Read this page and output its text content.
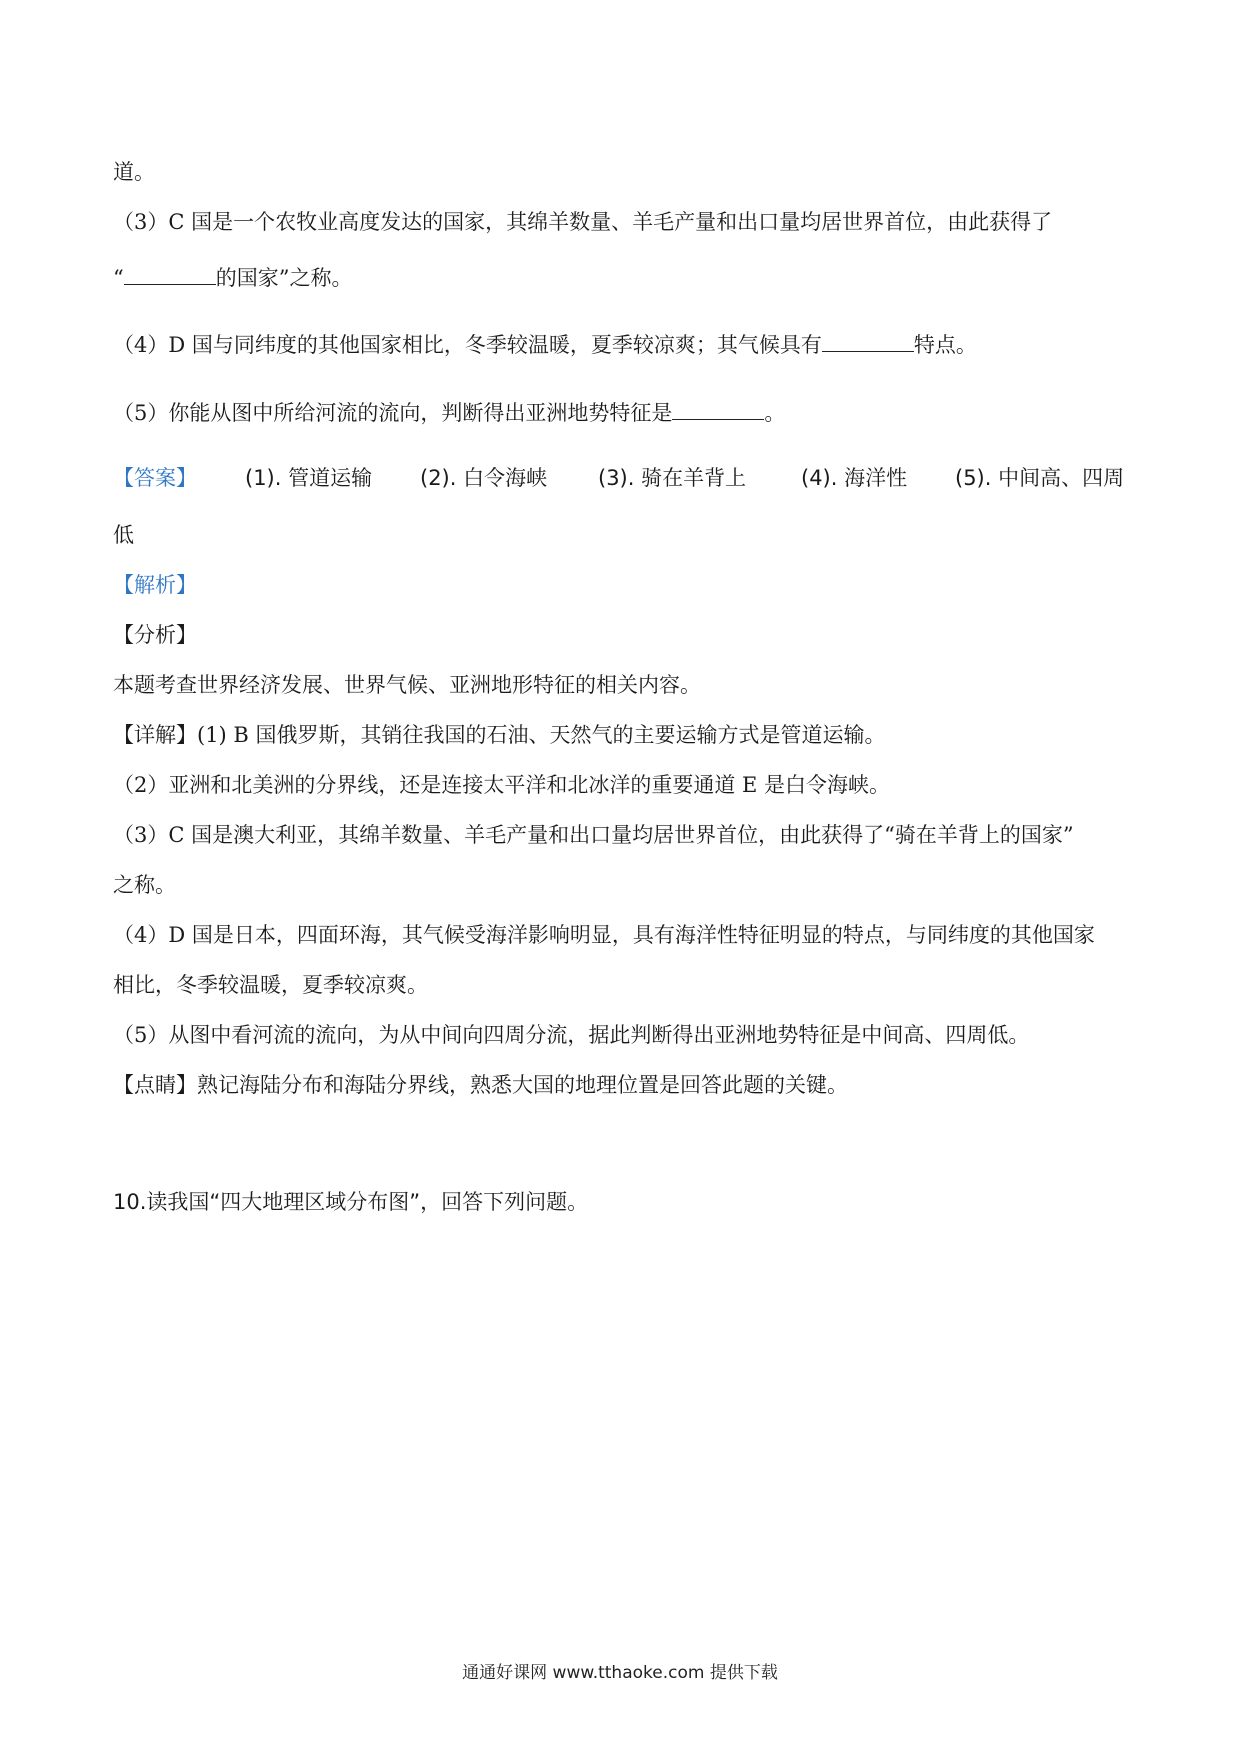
道。
（3）C 国是一个农牧业高度发达的国家，其绵羊数量、羊毛产量和出口量均居世界首位，由此获得了
“	的国家”之称。
（4）D 国与同纬度的其他国家相比，冬季较温暖，夏季较凉爽；其气候具有	特点。
（5）你能从图中所给河流的流向，判断得出亚洲地势特征是	。
【答案】 (1). 管道运输 (2). 白令海峡 (3). 骑在羊背上	(4). 海洋性 (5). 中间高、四周
低
【解析】
【分析】
本题考查世界经济发展、世界气候、亚洲地形特征的相关内容。
【详解】(1) B 国俄罗斯，其销往我国的石油、天然气的主要运输方式是管道运输。
（2）亚洲和北美洲的分界线，还是连接太平洋和北冰洋的重要通道 E 是白令海峡。
（3）C 国是澳大利亚，其绵羊数量、羊毛产量和出口量均居世界首位，由此获得了“骑在羊背上的国家”
之称。
（4）D 国是日本，四面环海，其气候受海洋影响明显，具有海洋性特征明显的特点，与同纬度的其他国家
相比，冬季较温暖，夏季较凉爽。
（5）从图中看河流的流向，为从中间向四周分流，据此判断得出亚洲地势特征是中间高、四周低。
【点睛】熟记海陆分布和海陆分界线，熟悉大国的地理位置是回答此题的关键。
10.读我国“四大地理区域分布图”，回答下列问题。
通通好课网 www.tthaoke.com 提供下载
